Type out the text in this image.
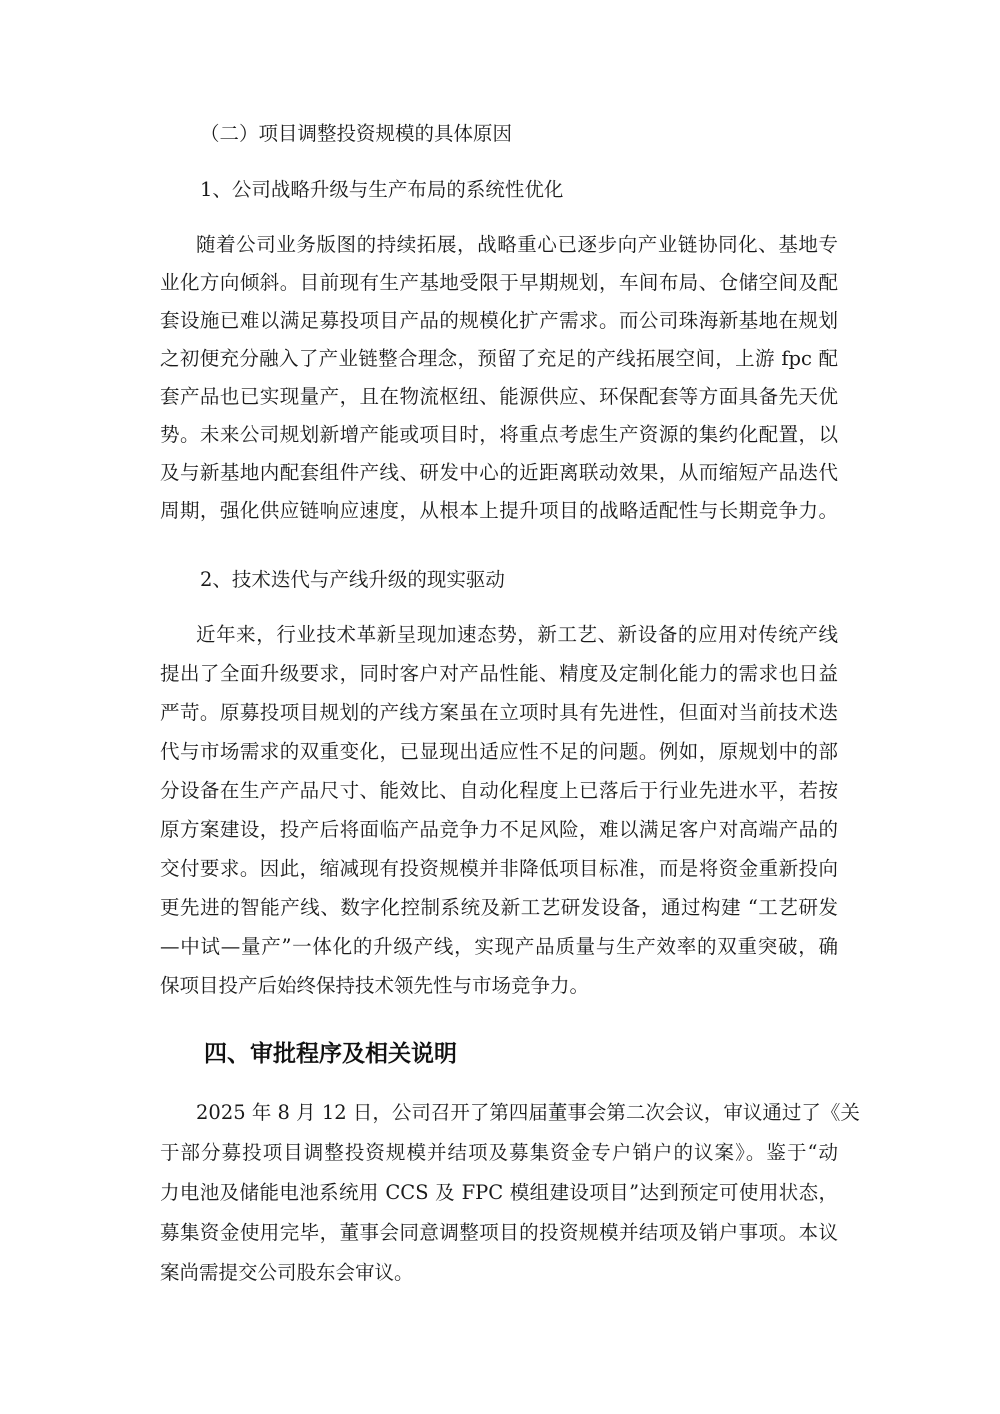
（二）项目调整投资规模的具体原因
1、公司战略升级与生产布局的系统性优化
随着公司业务版图的持续拓展，战略重心已逐步向产业链协同化、基地专
业化方向倾斜。目前现有生产基地受限于早期规划，车间布局、仓储空间及配
套设施已难以满足募投项目产品的规模化扩产需求。而公司珠海新基地在规划
之初便充分融入了产业链整合理念，预留了充足的产线拓展空间，上游 fpc 配
套产品也已实现量产，且在物流枢纽、能源供应、环保配套等方面具备先天优
势。未来公司规划新增产能或项目时，将重点考虑生产资源的集约化配置，以
及与新基地内配套组件产线、研发中心的近距离联动效果，从而缩短产品迭代
周期，强化供应链响应速度，从根本上提升项目的战略适配性与长期竞争力。
2、技术迭代与产线升级的现实驱动
近年来，行业技术革新呈现加速态势，新工艺、新设备的应用对传统产线
提出了全面升级要求，同时客户对产品性能、精度及定制化能力的需求也日益
严苛。原募投项目规划的产线方案虽在立项时具有先进性，但面对当前技术迭
代与市场需求的双重变化，已显现出适应性不足的问题。例如，原规划中的部
分设备在生产产品尺寸、能效比、自动化程度上已落后于行业先进水平，若按
原方案建设，投产后将面临产品竞争力不足风险，难以满足客户对高端产品的
交付要求。因此，缩减现有投资规模并非降低项目标准，而是将资金重新投向
更先进的智能产线、数字化控制系统及新工艺研发设备，通过构建 “工艺研发
—中试—量产”一体化的升级产线，实现产品质量与生产效率的双重突破，确
保项目投产后始终保持技术领先性与市场竞争力。
四、审批程序及相关说明
2025 年 8 月 12 日，公司召开了第四届董事会第二次会议，审议通过了《关
于部分募投项目调整投资规模并结项及募集资金专户销户的议案》。鉴于“动
力电池及储能电池系统用 CCS 及 FPC 模组建设项目”达到预定可使用状态，
募集资金使用完毕，董事会同意调整项目的投资规模并结项及销户事项。本议
案尚需提交公司股东会审议。
